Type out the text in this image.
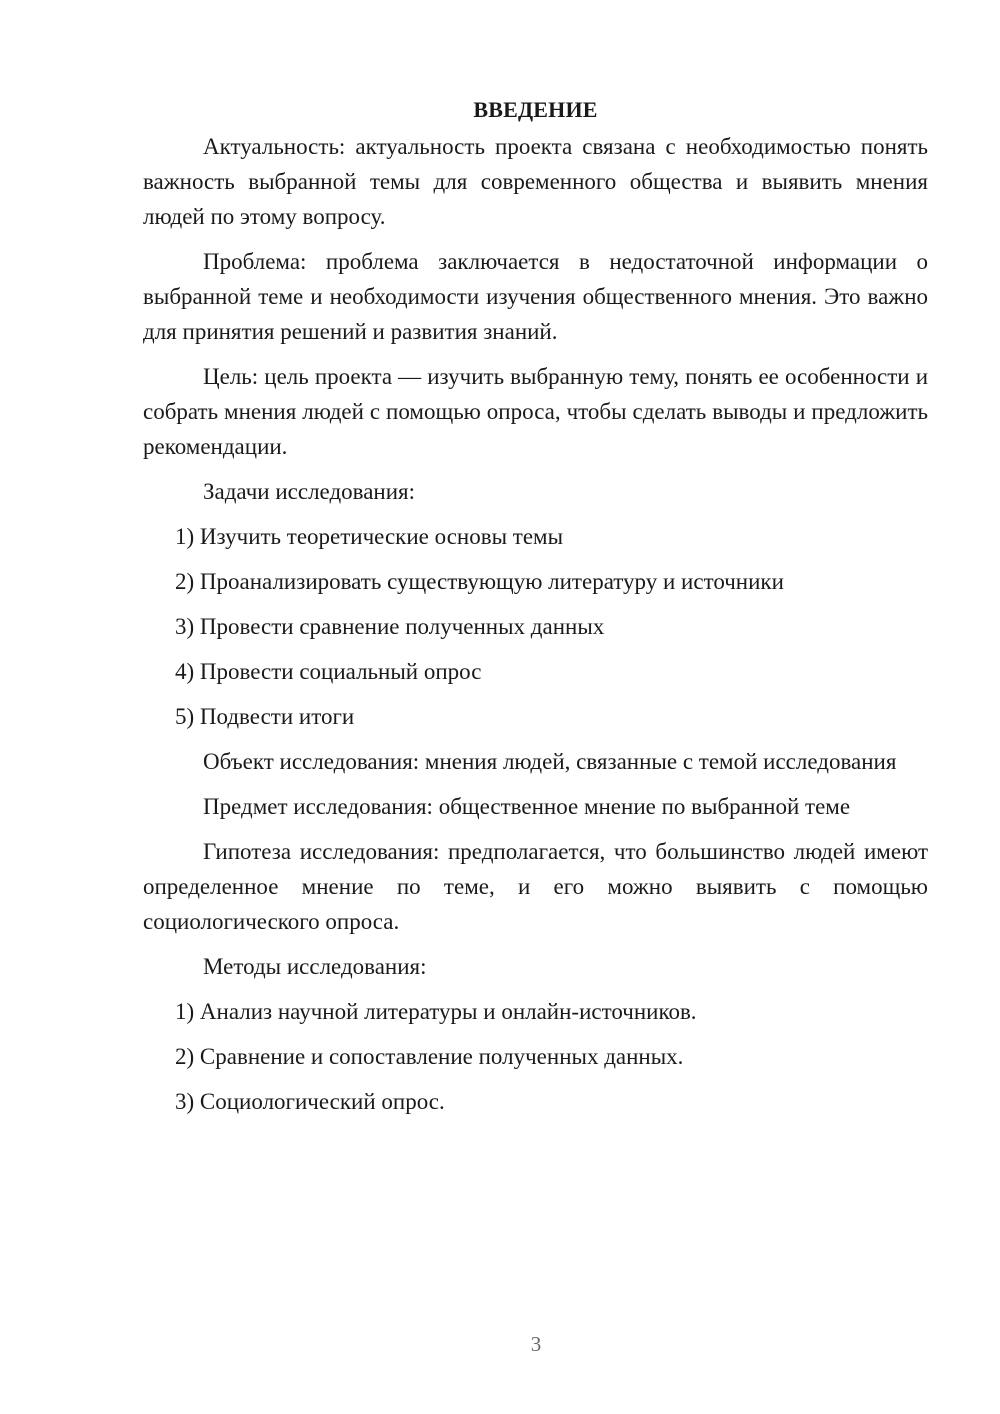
ВВЕДЕНИЕ

Актуальность: актуальность проекта связана с необходимостью понять важность выбранной темы для современного общества и выявить мнения людей по этому вопросу.

Проблема: проблема заключается в недостаточной информации о выбранной теме и необходимости изучения общественного мнения. Это важно для принятия решений и развития знаний.

Цель: цель проекта — изучить выбранную тему, понять ее особенности и собрать мнения людей с помощью опроса, чтобы сделать выводы и предложить рекомендации.

Задачи исследования:

1) Изучить теоретические основы темы
2) Проанализировать существующую литературу и источники
3) Провести сравнение полученных данных
4) Провести социальный опрос
5) Подвести итоги

Объект исследования: мнения людей, связанные с темой исследования

Предмет исследования: общественное мнение по выбранной теме

Гипотеза исследования: предполагается, что большинство людей имеют определенное мнение по теме, и его можно выявить с помощью социологического опроса.

Методы исследования:

1) Анализ научной литературы и онлайн-источников.
2) Сравнение и сопоставление полученных данных.
3) Социологический опрос.
3
